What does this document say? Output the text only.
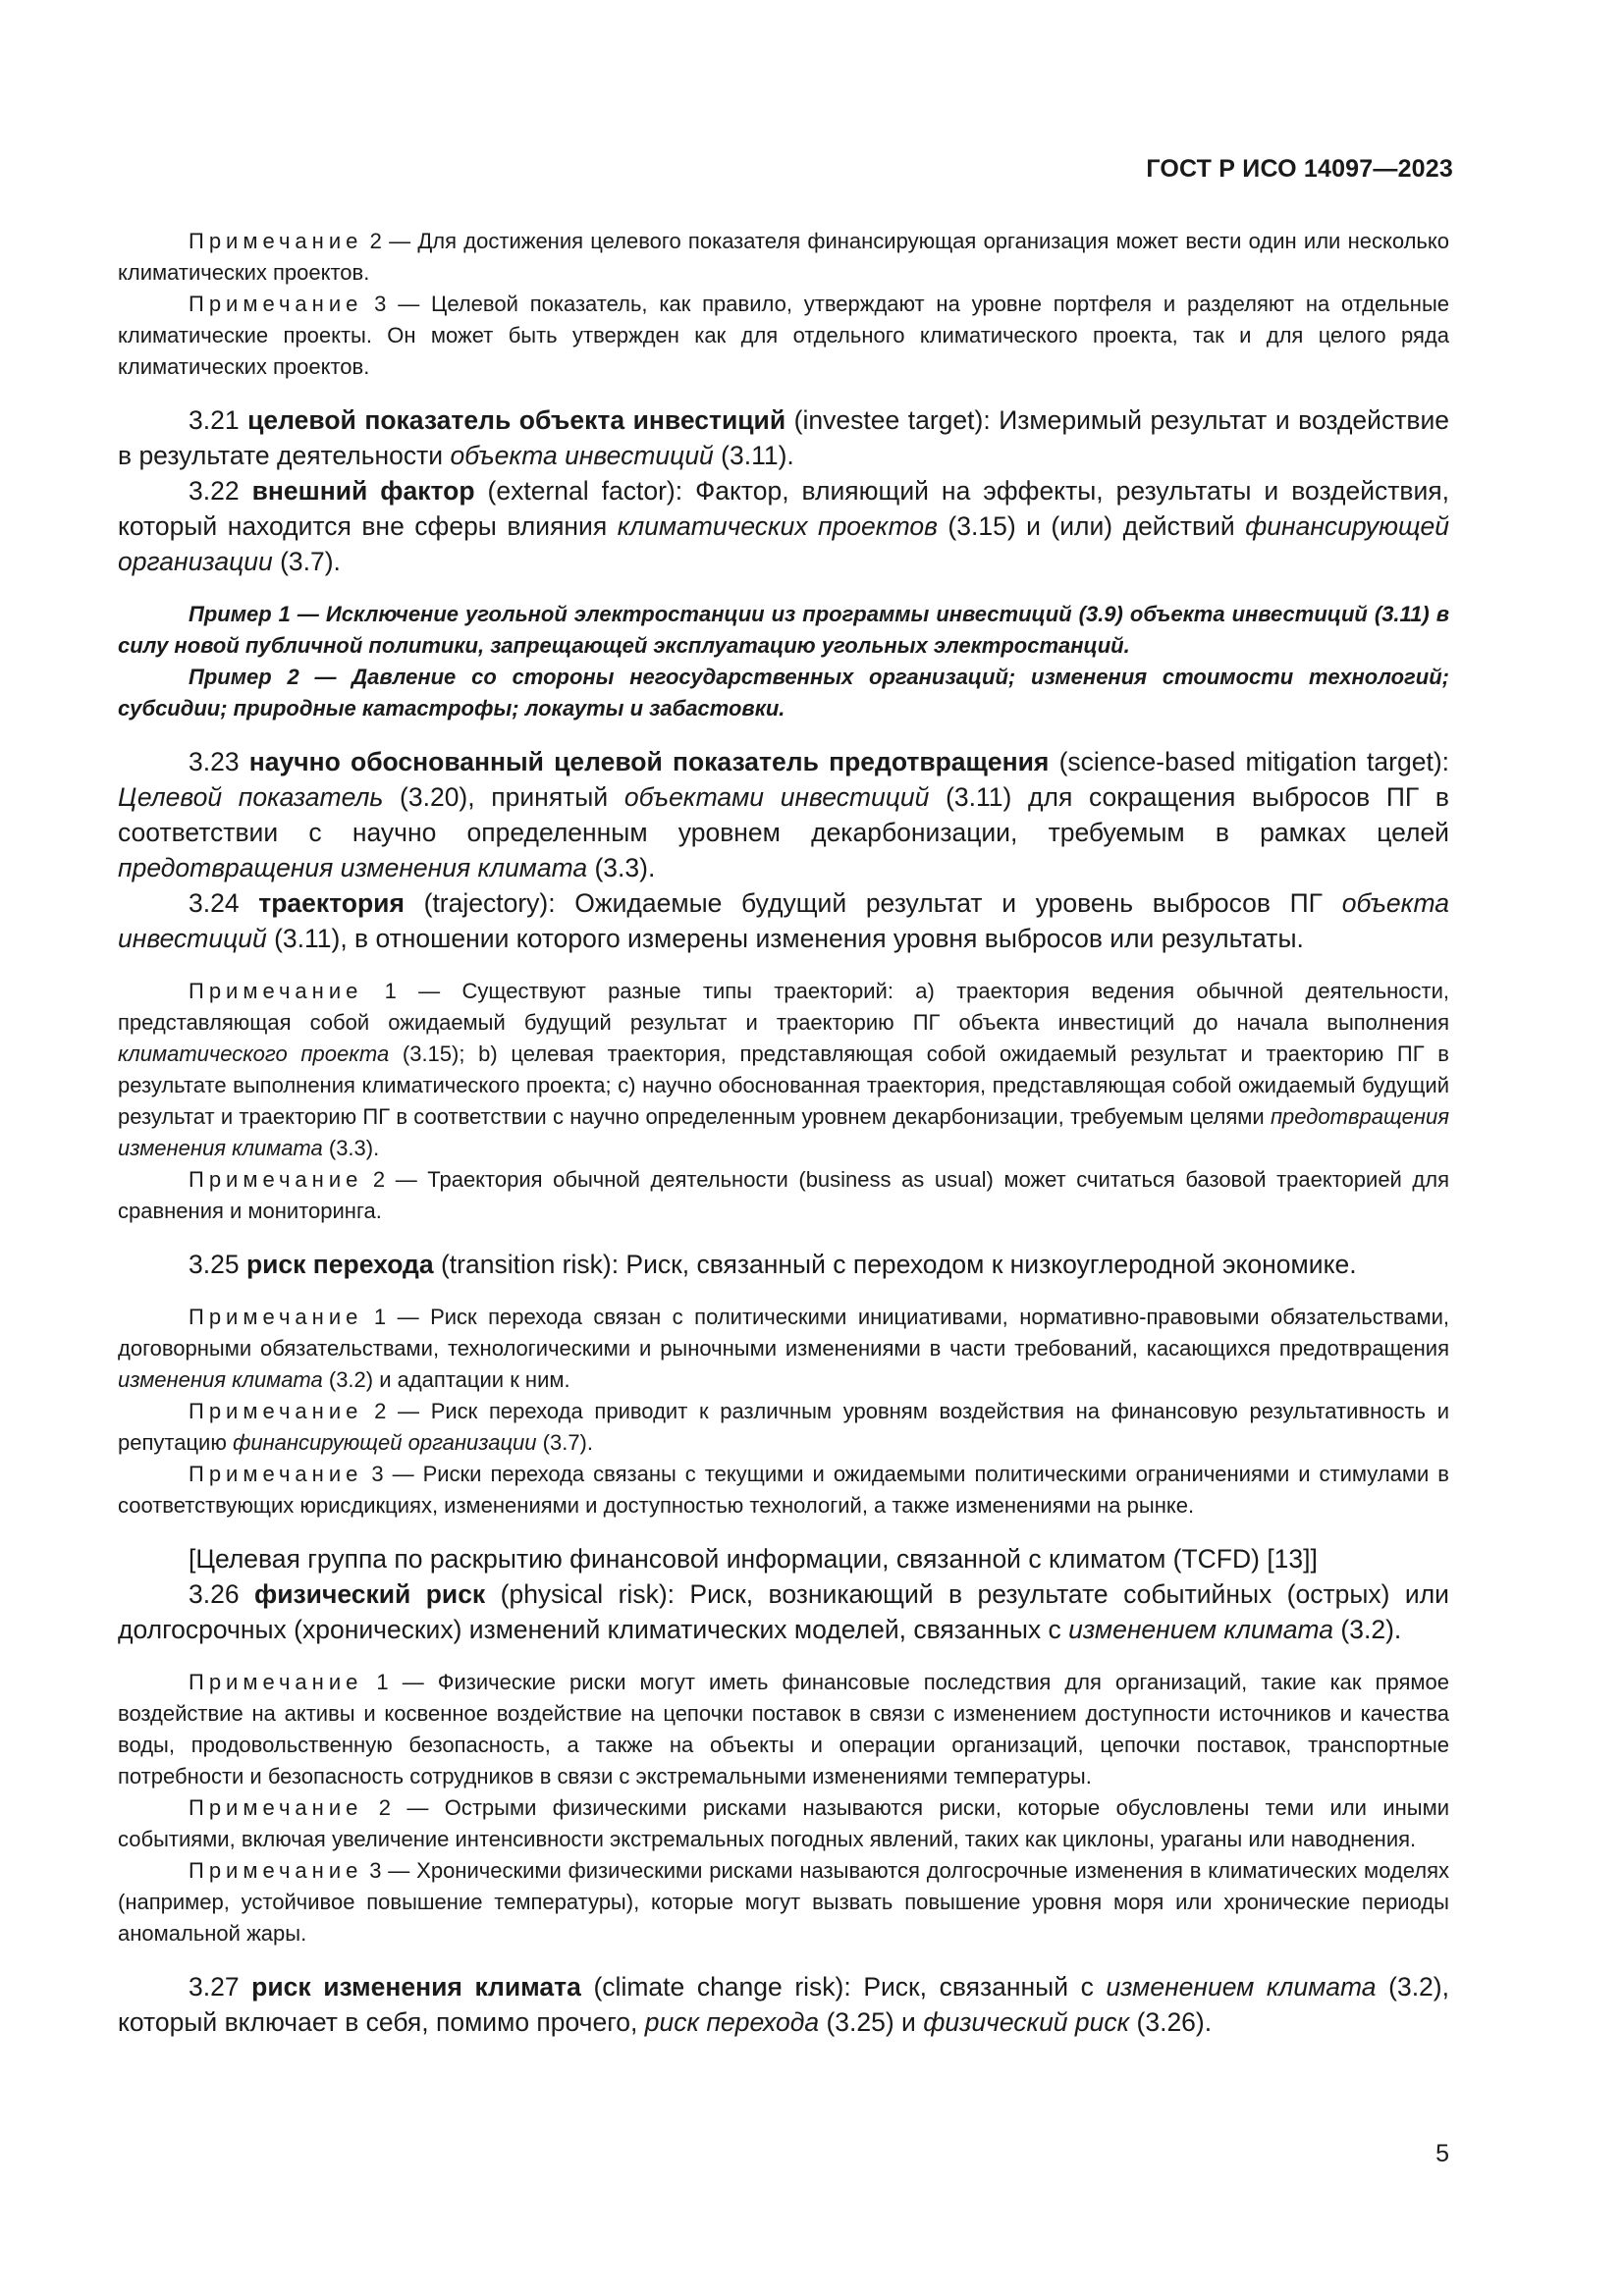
ГОСТ Р ИСО 14097—2023

Примечание 2 — Для достижения целевого показателя финансирующая организация может вести один или несколько климатических проектов.

Примечание 3 — Целевой показатель, как правило, утверждают на уровне портфеля и разделяют на отдельные климатические проекты. Он может быть утвержден как для отдельного климатического проекта, так и для целого ряда климатических проектов.

3.21 целевой показатель объекта инвестиций (investee target): Измеримый результат и воздействие в результате деятельности объекта инвестиций (3.11).

3.22 внешний фактор (external factor): Фактор, влияющий на эффекты, результаты и воздействия, который находится вне сферы влияния климатических проектов (3.15) и (или) действий финансирующей организации (3.7).

Пример 1 — Исключение угольной электростанции из программы инвестиций (3.9) объекта инвестиций (3.11) в силу новой публичной политики, запрещающей эксплуатацию угольных электростанций.

Пример 2 — Давление со стороны негосударственных организаций; изменения стоимости технологий; субсидии; природные катастрофы; локауты и забастовки.

3.23 научно обоснованный целевой показатель предотвращения (science-based mitigation target): Целевой показатель (3.20), принятый объектами инвестиций (3.11) для сокращения выбросов ПГ в соответствии с научно определенным уровнем декарбонизации, требуемым в рамках целей предотвращения изменения климата (3.3).

3.24 траектория (trajectory): Ожидаемые будущий результат и уровень выбросов ПГ объекта инвестиций (3.11), в отношении которого измерены изменения уровня выбросов или результаты.

Примечание 1 — Существуют разные типы траекторий: a) траектория ведения обычной деятельности, представляющая собой ожидаемый будущий результат и траекторию ПГ объекта инвестиций до начала выполнения климатического проекта (3.15); b) целевая траектория, представляющая собой ожидаемый результат и траекторию ПГ в результате выполнения климатического проекта; c) научно обоснованная траектория, представляющая собой ожидаемый будущий результат и траекторию ПГ в соответствии с научно определенным уровнем декарбонизации, требуемым целями предотвращения изменения климата (3.3).

Примечание 2 — Траектория обычной деятельности (business as usual) может считаться базовой траекторией для сравнения и мониторинга.

3.25 риск перехода (transition risk): Риск, связанный с переходом к низкоуглеродной экономике.

Примечание 1 — Риск перехода связан с политическими инициативами, нормативно-правовыми обязательствами, договорными обязательствами, технологическими и рыночными изменениями в части требований, касающихся предотвращения изменения климата (3.2) и адаптации к ним.

Примечание 2 — Риск перехода приводит к различным уровням воздействия на финансовую результативность и репутацию финансирующей организации (3.7).

Примечание 3 — Риски перехода связаны с текущими и ожидаемыми политическими ограничениями и стимулами в соответствующих юрисдикциях, изменениями и доступностью технологий, а также изменениями на рынке.

[Целевая группа по раскрытию финансовой информации, связанной с климатом (TCFD) [13]]

3.26 физический риск (physical risk): Риск, возникающий в результате событийных (острых) или долгосрочных (хронических) изменений климатических моделей, связанных с изменением климата (3.2).

Примечание 1 — Физические риски могут иметь финансовые последствия для организаций, такие как прямое воздействие на активы и косвенное воздействие на цепочки поставок в связи с изменением доступности источников и качества воды, продовольственную безопасность, а также на объекты и операции организаций, цепочки поставок, транспортные потребности и безопасность сотрудников в связи с экстремальными изменениями температуры.

Примечание 2 — Острыми физическими рисками называются риски, которые обусловлены теми или иными событиями, включая увеличение интенсивности экстремальных погодных явлений, таких как циклоны, ураганы или наводнения.

Примечание 3 — Хроническими физическими рисками называются долгосрочные изменения в климатических моделях (например, устойчивое повышение температуры), которые могут вызвать повышение уровня моря или хронические периоды аномальной жары.

3.27 риск изменения климата (climate change risk): Риск, связанный с изменением климата (3.2), который включает в себя, помимо прочего, риск перехода (3.25) и физический риск (3.26).

5
